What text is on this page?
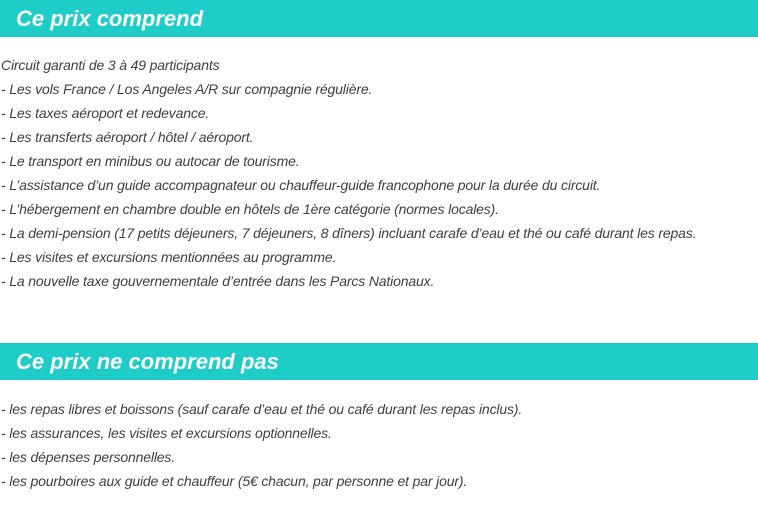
Ce prix comprend
Circuit garanti de 3 à 49 participants
- Les vols France / Los Angeles A/R sur compagnie régulière.
- Les taxes aéroport et redevance.
- Les transferts aéroport / hôtel / aéroport.
- Le transport en minibus ou autocar de tourisme.
- L’assistance d’un guide accompagnateur ou chauffeur-guide francophone pour la durée du circuit.
- L’hébergement en chambre double en hôtels de 1ère catégorie (normes locales).
- La demi-pension (17 petits déjeuners, 7 déjeuners, 8 dîners) incluant carafe d’eau et thé ou café durant les repas.
- Les visites et excursions mentionnées au programme.
- La nouvelle taxe gouvernementale d’entrée dans les Parcs Nationaux.
Ce prix ne comprend pas
- les repas libres et boissons (sauf carafe d’eau et thé ou café durant les repas inclus).
- les assurances, les visites et excursions optionnelles.
- les dépenses personnelles.
- les pourboires aux guide et chauffeur (5€ chacun, par personne et par jour).
